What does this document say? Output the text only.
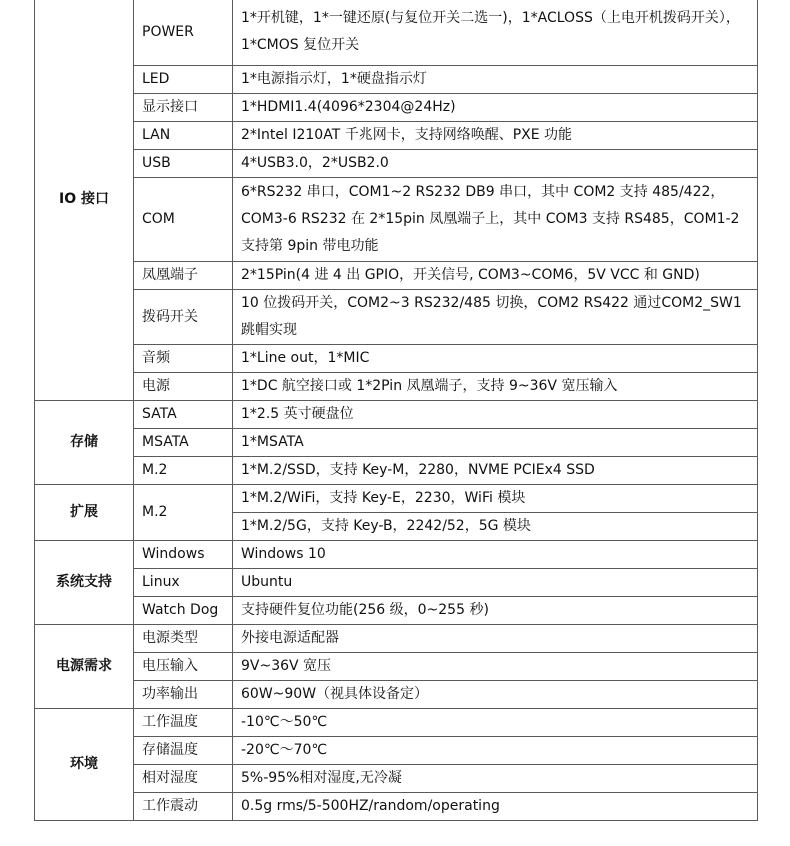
IO 接口	POWER	1*开机键，1*一键还原(与复位开关二选一)，1*ACLOSS（上电开机拨码开关），1*CMOS 复位开关
	LED	1*电源指示灯，1*硬盘指示灯
	显示接口	1*HDMI1.4(4096*2304@24Hz)
	LAN	2*Intel I210AT 千兆网卡，支持网络唤醒、PXE 功能
	USB	4*USB3.0，2*USB2.0
	COM	6*RS232 串口，COM1~2 RS232 DB9 串口，其中 COM2 支持 485/422，COM3-6 RS232 在 2*15pin 凤凰端子上，其中 COM3 支持 RS485，COM1-2 支持第 9pin 带电功能
	凤凰端子	2*15Pin(4 进 4 出 GPIO，开关信号, COM3~COM6，5V VCC 和 GND)
	拨码开关	10 位拨码开关，COM2~3 RS232/485 切换，COM2 RS422 通过COM2_SW1 跳帽实现
	音频	1*Line out，1*MIC
	电源	1*DC 航空接口或 1*2Pin 凤凰端子，支持 9~36V 宽压输入
存储	SATA	1*2.5 英寸硬盘位
	MSATA	1*MSATA
	M.2	1*M.2/SSD，支持 Key-M，2280，NVME PCIEx4 SSD
扩展	M.2	1*M.2/WiFi，支持 Key-E，2230，WiFi 模块
		1*M.2/5G，支持 Key-B，2242/52，5G 模块
系统支持	Windows	Windows 10
	Linux	Ubuntu
	Watch Dog	支持硬件复位功能(256 级，0~255 秒)
电源需求	电源类型	外接电源适配器
	电压输入	9V~36V 宽压
	功率输出	60W~90W（视具体设备定）
环境	工作温度	-10℃～50℃
	存储温度	-20℃～70℃
	相对湿度	5%-95%相对湿度,无冷凝
	工作震动	0.5g rms/5-500HZ/random/operating
